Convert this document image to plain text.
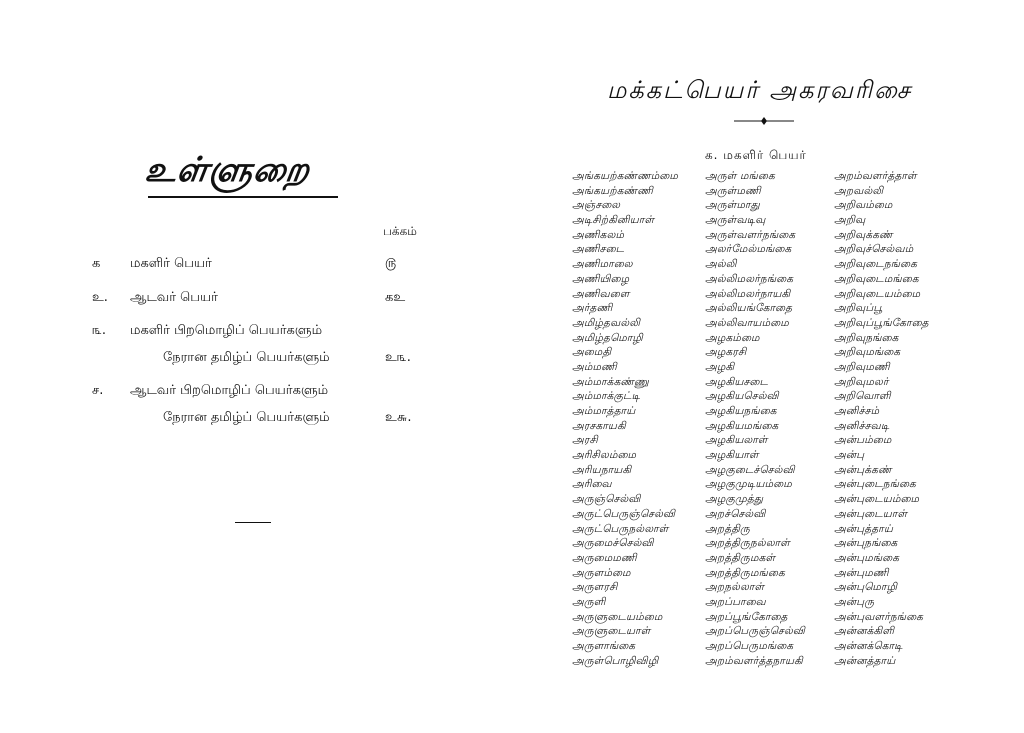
உள்ளுறை
பக்கம்
க	மகளிர் பெயர்	௫
உ.	ஆடவர் பெயர்	கஉ
௩.	மகளிர் பிறமொழிப் பெயர்களும்
நேரான தமிழ்ப் பெயர்களும்	உ௩.
ச.	ஆடவர் பிறமொழிப் பெயர்களும்
நேரான தமிழ்ப் பெயர்களும்	உ௬.
மக்கட்பெயர் அகரவரிசை
க. மகளிர் பெயர்
அங்கயற்கண்ணம்மை
அங்கயற்கண்ணி
அஞ்சலை
அடிசிற்கினியாள்
அணிகலம்
அணிசடை
அணிமாலை
அணியிழை
அணிவளை
அர்தணி
அமிழ்தவல்லி
அமிழ்தமொழி
அமைதி
அம்மணி
அம்மாக்கண்ணு
அம்மாக்குட்டி
அம்மாத்தாய்
அரசகாயகி
அரசி
அரிசிலம்மை
அரியநாயகி
அரிவை
அருஞ்செல்வி
அருட்பெருஞ்செல்வி
அருட்பெருநல்லாள்
அருமைச்செல்வி
அருமைமணி
அருளம்மை
அருளரசி
அருளி
அருளுடையம்மை
அருளுடையாள்
அருளாங்கை
அருள்பொழிவிழி
அருள் மங்கை
அருள்மணி
அருள்மாது
அருள்வடிவு
அருள்வளர்நங்கை
அலர்மேல்மங்கை
அல்லி
அல்லிமலர்நங்கை
அல்லிமலர்நாயகி
அல்லியங்கோதை
அல்லிவாயம்மை
அழகம்மை
அழகரசி
அழகி
அழகியசடை
அழகியசெல்வி
அழகியநங்கை
அழகியமங்கை
அழகியலாள்
அழகியாள்
அழகுடைச்செல்வி
அழகுமுடியம்மை
அழகுமுத்து
அறச்செல்வி
அறத்திரு
அறத்திருநல்லாள்
அறத்திருமகள்
அறத்திருமங்கை
அறநல்லாள்
அறப்பாவை
அறப்பூங்கோதை
அறப்பெருஞ்செல்வி
அறப்பெருமங்கை
அறம்வளர்த்தநாயகி
அறம்வளர்த்தாள்
அறவல்லி
அறிவம்மை
அறிவு
அறிவுக்கண்
அறிவுச்செல்வம்
அறிவுடைநங்கை
அறிவுடைமங்கை
அறிவுடையம்மை
அறிவுப்பூ
அறிவுப்பூங்கோதை
அறிவுநங்கை
அறிவுமங்கை
அறிவுமணி
அறிவுமலர்
அறிவொளி
அனிச்சம்
அனிச்சவடி
அன்பம்மை
அன்பு
அன்புக்கண்
அன்புடைநங்கை
அன்புடையம்மை
அன்புடையாள்
அன்புத்தாய்
அன்புநங்கை
அன்புமங்கை
அன்புமணி
அன்புமொழி
அன்புரு
அன்புவளர்நங்கை
அன்னக்கிளி
அன்னக்கொடி
அன்னத்தாய்
